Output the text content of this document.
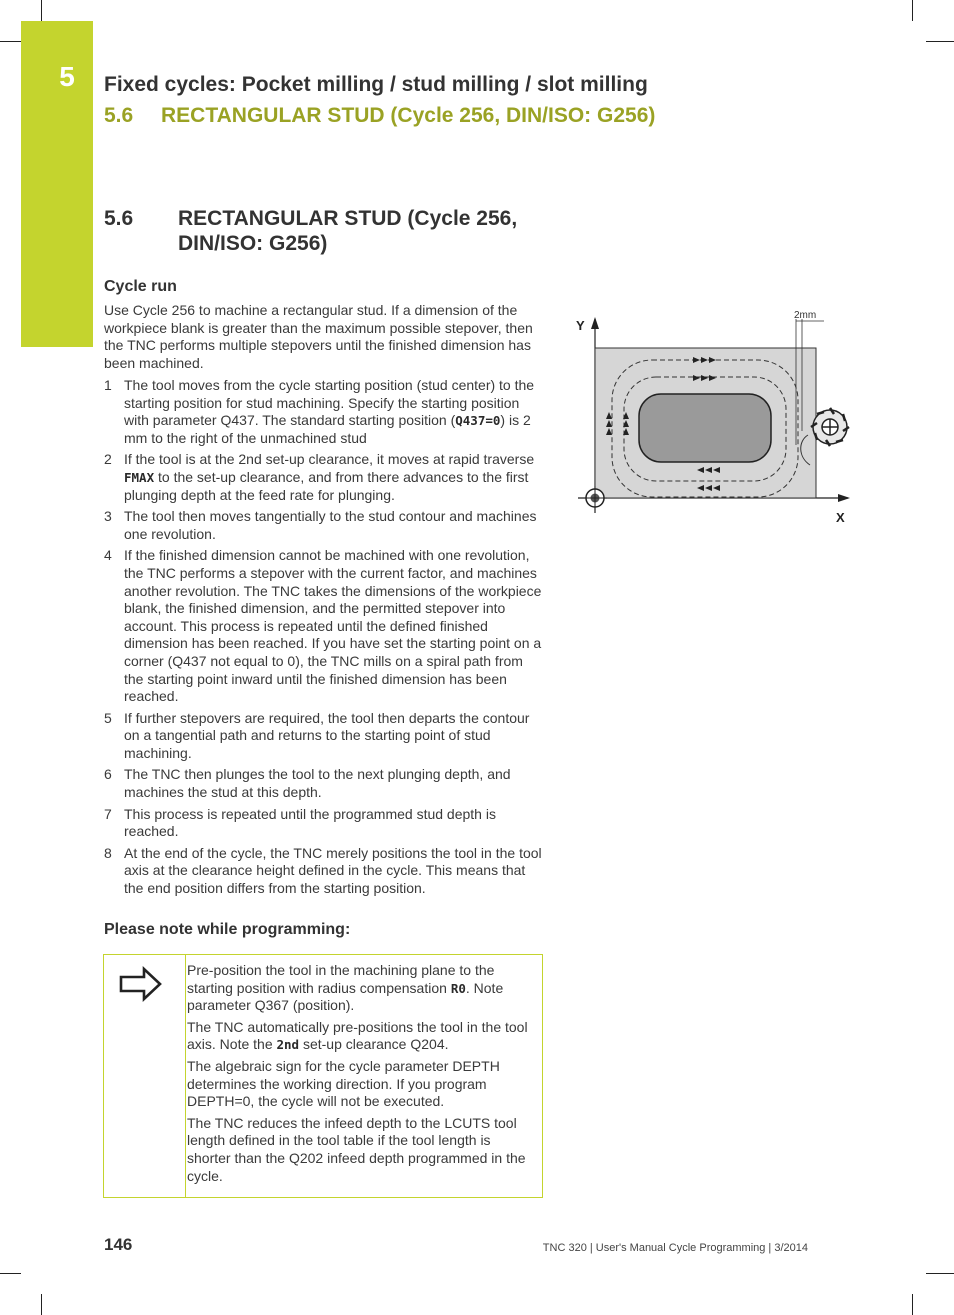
5	Fixed cycles: Pocket milling / stud milling / slot milling
5.6 RECTANGULAR STUD (Cycle 256, DIN/ISO: G256)
5.6 RECTANGULAR STUD (Cycle 256, DIN/ISO: G256)
Cycle run
Use Cycle 256 to machine a rectangular stud. If a dimension of the workpiece blank is greater than the maximum possible stepover, then the TNC performs multiple stepovers until the finished dimension has been machined.
1 The tool moves from the cycle starting position (stud center) to the starting position for stud machining. Specify the starting position with parameter Q437. The standard starting position (Q437=0) is 2 mm to the right of the unmachined stud
2 If the tool is at the 2nd set-up clearance, it moves at rapid traverse FMAX to the set-up clearance, and from there advances to the first plunging depth at the feed rate for plunging.
3 The tool then moves tangentially to the stud contour and machines one revolution.
4 If the finished dimension cannot be machined with one revolution, the TNC performs a stepover with the current factor, and machines another revolution. The TNC takes the dimensions of the workpiece blank, the finished dimension, and the permitted stepover into account. This process is repeated until the defined finished dimension has been reached. If you have set the starting point on a corner (Q437 not equal to 0), the TNC mills on a spiral path from the starting point inward until the finished dimension has been reached.
5 If further stepovers are required, the tool then departs the contour on a tangential path and returns to the starting point of stud machining.
6 The TNC then plunges the tool to the next plunging depth, and machines the stud at this depth.
7 This process is repeated until the programmed stud depth is reached.
8 At the end of the cycle, the TNC merely positions the tool in the tool axis at the clearance height defined in the cycle. This means that the end position differs from the starting position.
Please note while programming:

Pre-position the tool in the machining plane to the starting position with radius compensation R0. Note parameter Q367 (position).

The TNC automatically pre-positions the tool in the tool axis. Note the 2nd set-up clearance Q204.

The algebraic sign for the cycle parameter DEPTH determines the working direction. If you program DEPTH=0, the cycle will not be executed.

The TNC reduces the infeed depth to the LCUTS tool length defined in the tool table if the tool length is shorter than the Q202 infeed depth programmed in the cycle.

Y
X
2mm
146	TNC 320 | User's Manual Cycle Programming | 3/2014
